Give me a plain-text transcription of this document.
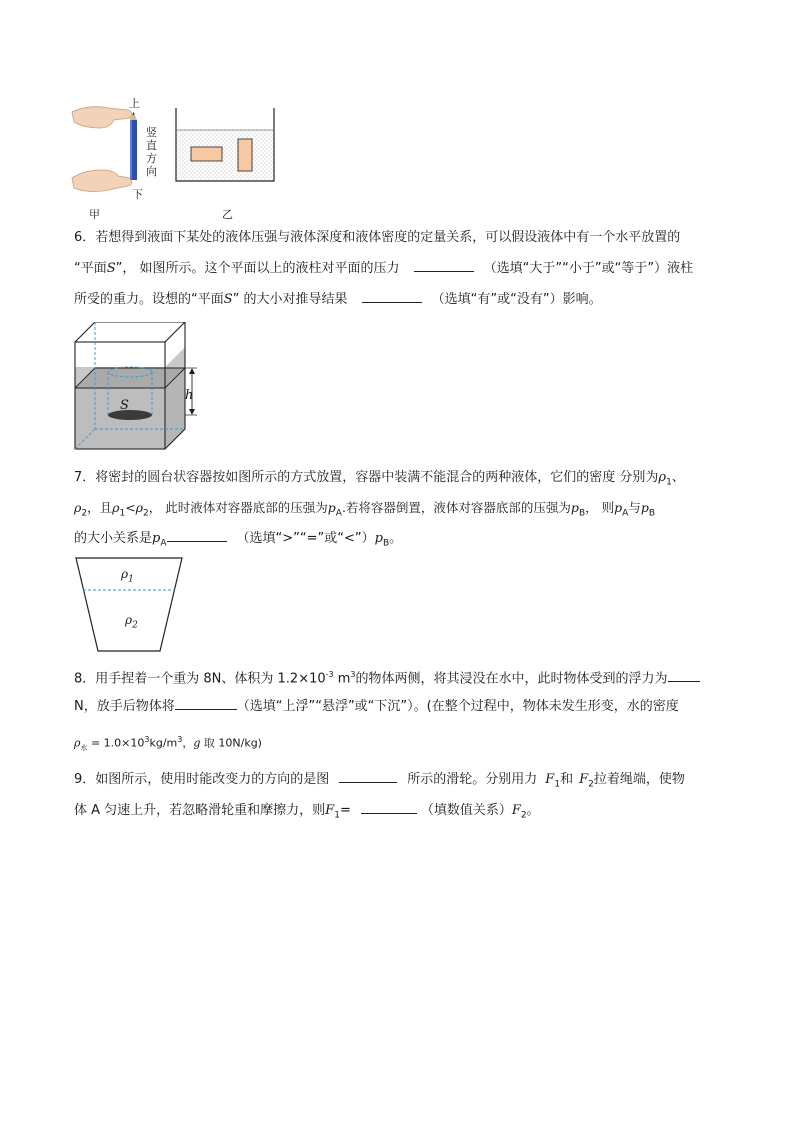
上
竖
直
方
向
下
甲	乙
6．若想得到液面下某处的液体压强与液体深度和液体密度的定量关系，可以假设液体中有一个水平放置的
“平面S”， 如图所示。这个平面以上的液柱对平面的压力	（选填“大于”“小于”或“等于”）液柱
所受的重力。设想的“平面S” 的大小对推导结果	（选填“有”或“没有”）影响。
S
h
7．将密封的圆台状容器按如图所示的方式放置，容器中装满不能混合的两种液体，它们的密度 分别为$\rho_1$、
$\rho_2$，且$\rho_1<\rho_2$， 此时液体对容器底部的压强为$p_A$.若将容器倒置，液体对容器底部的压强为$p_B$， 则$p_A$与$p_B$
的大小关系是$p_A$	（选填“>”“=”或“$<”)p_B$。
$\rho_1$
$\rho_2$
8．用手捏着一个重为 8N、体积为 $1.2\times 10^{-3}$ $m^3$的物体两侧，将其浸没在水中，此时物体受到的浮力为
N，放手后物体将	（选填“上浮”“悬浮”或“下沉”）。(在整个过程中，物体未发生形变，水的密度
$\rho_水 = 1.0\times 10^3kg/m^3$，g 取 10N/kg)
9．如图所示，使用时能改变力的方向的是图	所示的滑轮。分别用力 $F_1$和 $F_2$拉着绳端，使物
体 A 匀速上升，若忽略滑轮重和摩擦力，则$F_1=$	（填数值关系）$F_2$。
